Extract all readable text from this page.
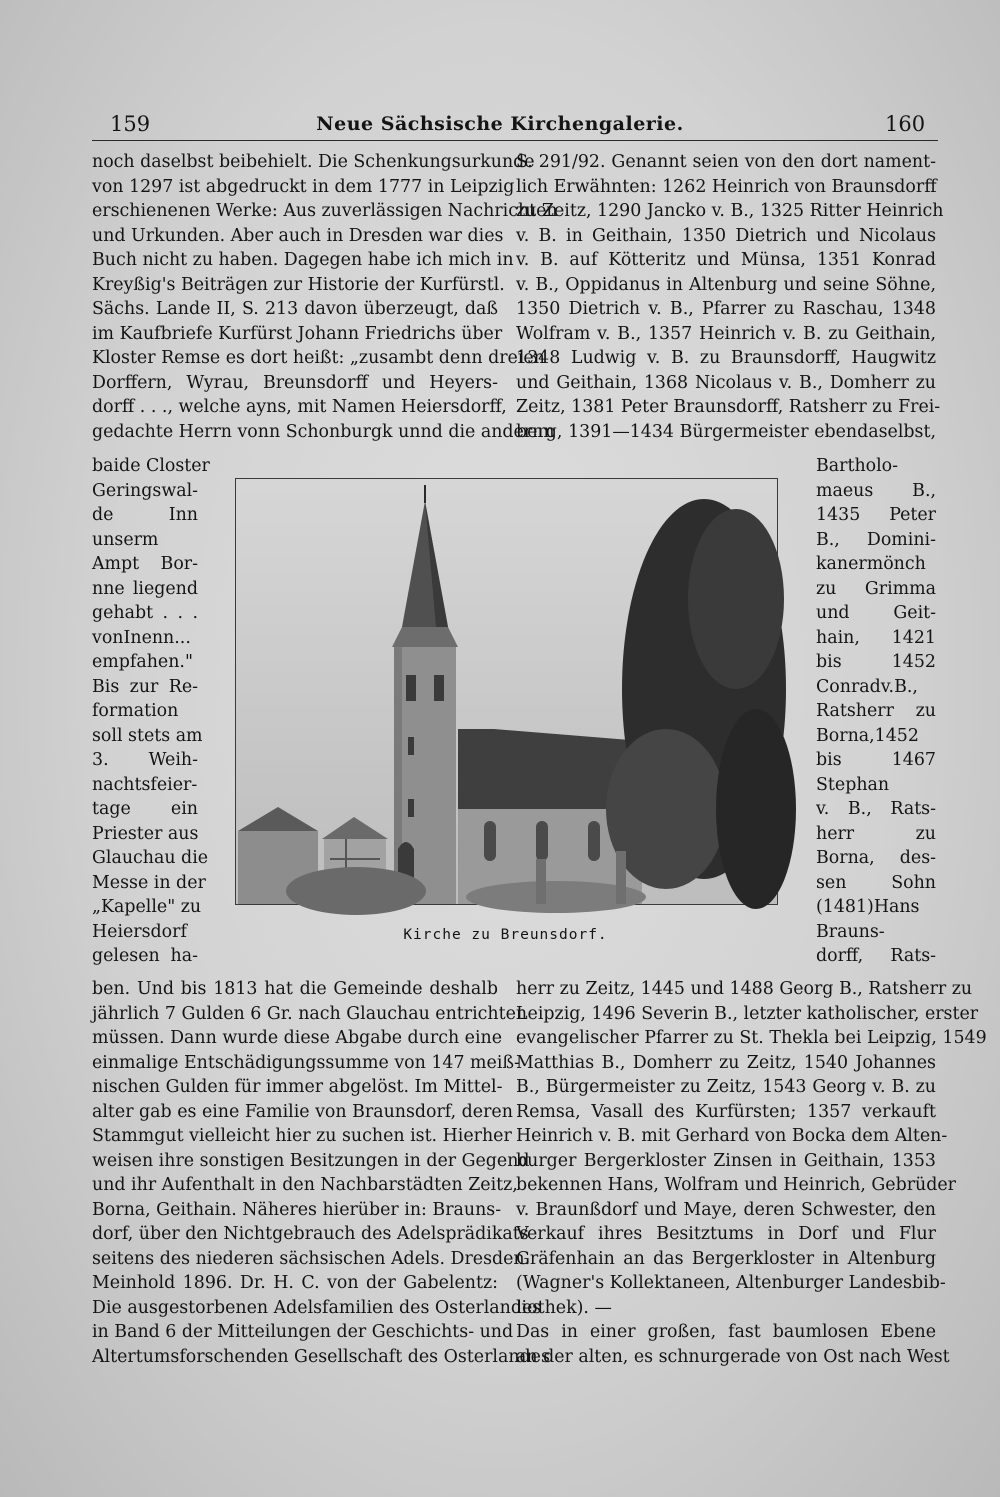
159	Neue Sächsische Kirchengalerie.	160
noch daselbst beibehielt. Die Schenkungsurkunde
von 1297 ist abgedruckt in dem 1777 in Leipzig
erschienenen Werke: Aus zuverlässigen Nachrichten
und Urkunden. Aber auch in Dresden war dies
Buch nicht zu haben. Dagegen habe ich mich in
Kreyßig's Beiträgen zur Historie der Kurfürstl.
Sächs. Lande II, S. 213 davon überzeugt, daß
im Kaufbriefe Kurfürst Johann Friedrichs über
Kloster Remse es dort heißt: „zusambt denn dreien
Dorffern, Wyrau, Breunsdorff und Heyers-
dorff . . ., welche ayns, mit Namen Heiersdorff,
gedachte Herrn vonn Schonburgk unnd die andernn
S. 291/92. Genannt seien von den dort nament-
lich Erwähnten: 1262 Heinrich von Braunsdorff
zu Zeitz, 1290 Jancko v. B., 1325 Ritter Heinrich
v. B. in Geithain, 1350 Dietrich und Nicolaus
v. B. auf Kötteritz und Münsa, 1351 Konrad
v. B., Oppidanus in Altenburg und seine Söhne,
1350 Dietrich v. B., Pfarrer zu Raschau, 1348
Wolfram v. B., 1357 Heinrich v. B. zu Geithain,
1348 Ludwig v. B. zu Braunsdorff, Haugwitz
und Geithain, 1368 Nicolaus v. B., Domherr zu
Zeitz, 1381 Peter Braunsdorff, Ratsherr zu Frei-
berg, 1391—1434 Bürgermeister ebendaselbst,
baide Closter
Geringswal-
de Inn
unserm
Ampt Bor-
nne liegend
gehabt . . .
vonInenn...
empfahen."
Bis zur Re-
formation
soll stets am
3. Weih-
nachtsfeier-
tage ein
Priester aus
Glauchau die
Messe in der
„Kapelle" zu
Heiersdorf
gelesen ha-
Bartholo-
maeus B.,
1435 Peter
B., Domini-
kanermönch
zu Grimma
und Geit-
hain, 1421
bis 1452
Conradv.B.,
Ratsherr zu
Borna,1452
bis 1467
Stephan
v. B., Rats-
herr zu
Borna, des-
sen Sohn
(1481)Hans
Brauns-
dorff, Rats-
Kirche zu Breunsdorf.
ben. Und bis 1813 hat die Gemeinde deshalb
jährlich 7 Gulden 6 Gr. nach Glauchau entrichten
müssen. Dann wurde diese Abgabe durch eine
einmalige Entschädigungssumme von 147 meiß-
nischen Gulden für immer abgelöst. Im Mittel-
alter gab es eine Familie von Braunsdorf, deren
Stammgut vielleicht hier zu suchen ist. Hierher
weisen ihre sonstigen Besitzungen in der Gegend
und ihr Aufenthalt in den Nachbarstädten Zeitz,
Borna, Geithain. Näheres hierüber in: Brauns-
dorf, über den Nichtgebrauch des Adelsprädikats
seitens des niederen sächsischen Adels. Dresden.
Meinhold 1896. Dr. H. C. von der Gabelentz:
Die ausgestorbenen Adelsfamilien des Osterlandes
in Band 6 der Mitteilungen der Geschichts- und
Altertumsforschenden Gesellschaft des Osterlandes
herr zu Zeitz, 1445 und 1488 Georg B., Ratsherr zu
Leipzig, 1496 Severin B., letzter katholischer, erster
evangelischer Pfarrer zu St. Thekla bei Leipzig, 1549
Matthias B., Domherr zu Zeitz, 1540 Johannes
B., Bürgermeister zu Zeitz, 1543 Georg v. B. zu
Remsa, Vasall des Kurfürsten; 1357 verkauft
Heinrich v. B. mit Gerhard von Bocka dem Alten-
burger Bergerkloster Zinsen in Geithain, 1353
bekennen Hans, Wolfram und Heinrich, Gebrüder
v. Braunßdorf und Maye, deren Schwester, den
Verkauf ihres Besitztums in Dorf und Flur
Gräfenhain an das Bergerkloster in Altenburg
(Wagner's Kollektaneen, Altenburger Landesbib-
liothek). —
Das in einer großen, fast baumlosen Ebene
an der alten, es schnurgerade von Ost nach West
